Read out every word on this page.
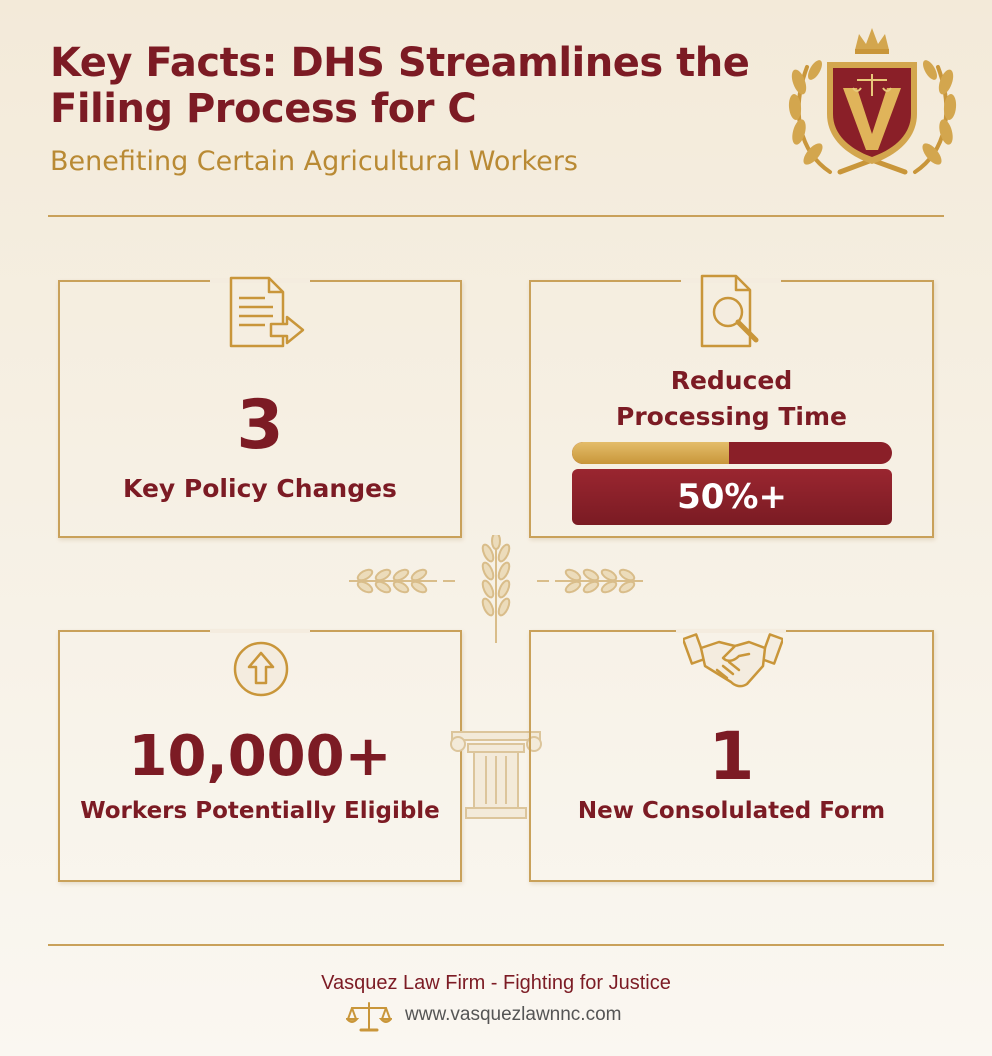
Key Facts: DHS Streamlines the Filing Process for C
Benefiting Certain Agricultural Workers
3
Key Policy Changes
Reduced
Processing Time
50%+
10,000+
Workers Potentially Eligible
1
New Consolulated Form
Vasquez Law Firm - Fighting for Justice
www.vasquezlawnnc.com
